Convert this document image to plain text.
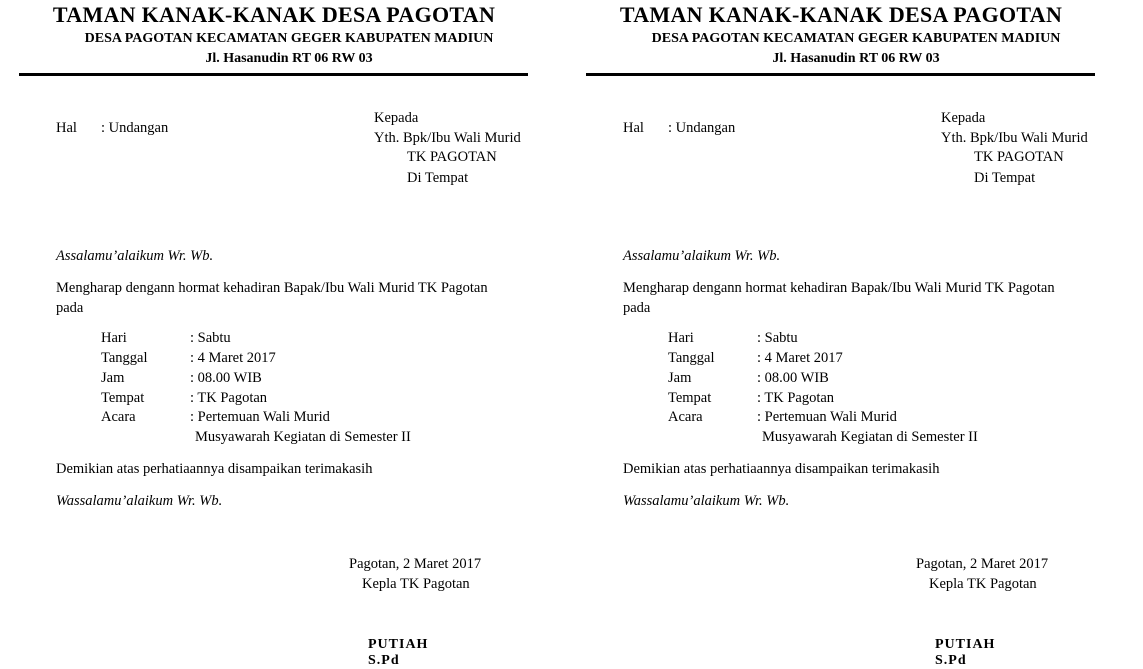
TAMAN KANAK-KANAK DESA PAGOTAN
DESA PAGOTAN KECAMATAN GEGER KABUPATEN MADIUN
Jl. Hasanudin RT 06 RW 03
Hal : Undangan
Kepada
Yth. Bpk/Ibu Wali Murid
TK PAGOTAN
Di Tempat
Assalamu’alaikum Wr. Wb.
Mengharap dengann hormat kehadiran Bapak/Ibu Wali Murid TK Pagotan
pada
Hari	: Sabtu
Tanggal	: 4 Maret 2017
Jam	: 08.00 WIB
Tempat	: TK Pagotan
Acara	: Pertemuan Wali Murid
Musyawarah Kegiatan di Semester II
Demikian atas perhatiaannya disampaikan terimakasih
Wassalamu’alaikum Wr. Wb.
Pagotan, 2 Maret 2017
Kepla TK Pagotan
PUTIAH S.Pd
TAMAN KANAK-KANAK DESA PAGOTAN
DESA PAGOTAN KECAMATAN GEGER KABUPATEN MADIUN
Jl. Hasanudin RT 06 RW 03
Hal : Undangan
Kepada
Yth. Bpk/Ibu Wali Murid
TK PAGOTAN
Di Tempat
Assalamu’alaikum Wr. Wb.
Mengharap dengann hormat kehadiran Bapak/Ibu Wali Murid TK Pagotan
pada
Hari	: Sabtu
Tanggal	: 4 Maret 2017
Jam	: 08.00 WIB
Tempat	: TK Pagotan
Acara	: Pertemuan Wali Murid
Musyawarah Kegiatan di Semester II
Demikian atas perhatiaannya disampaikan terimakasih
Wassalamu’alaikum Wr. Wb.
Pagotan, 2 Maret 2017
Kepla TK Pagotan
PUTIAH S.Pd
